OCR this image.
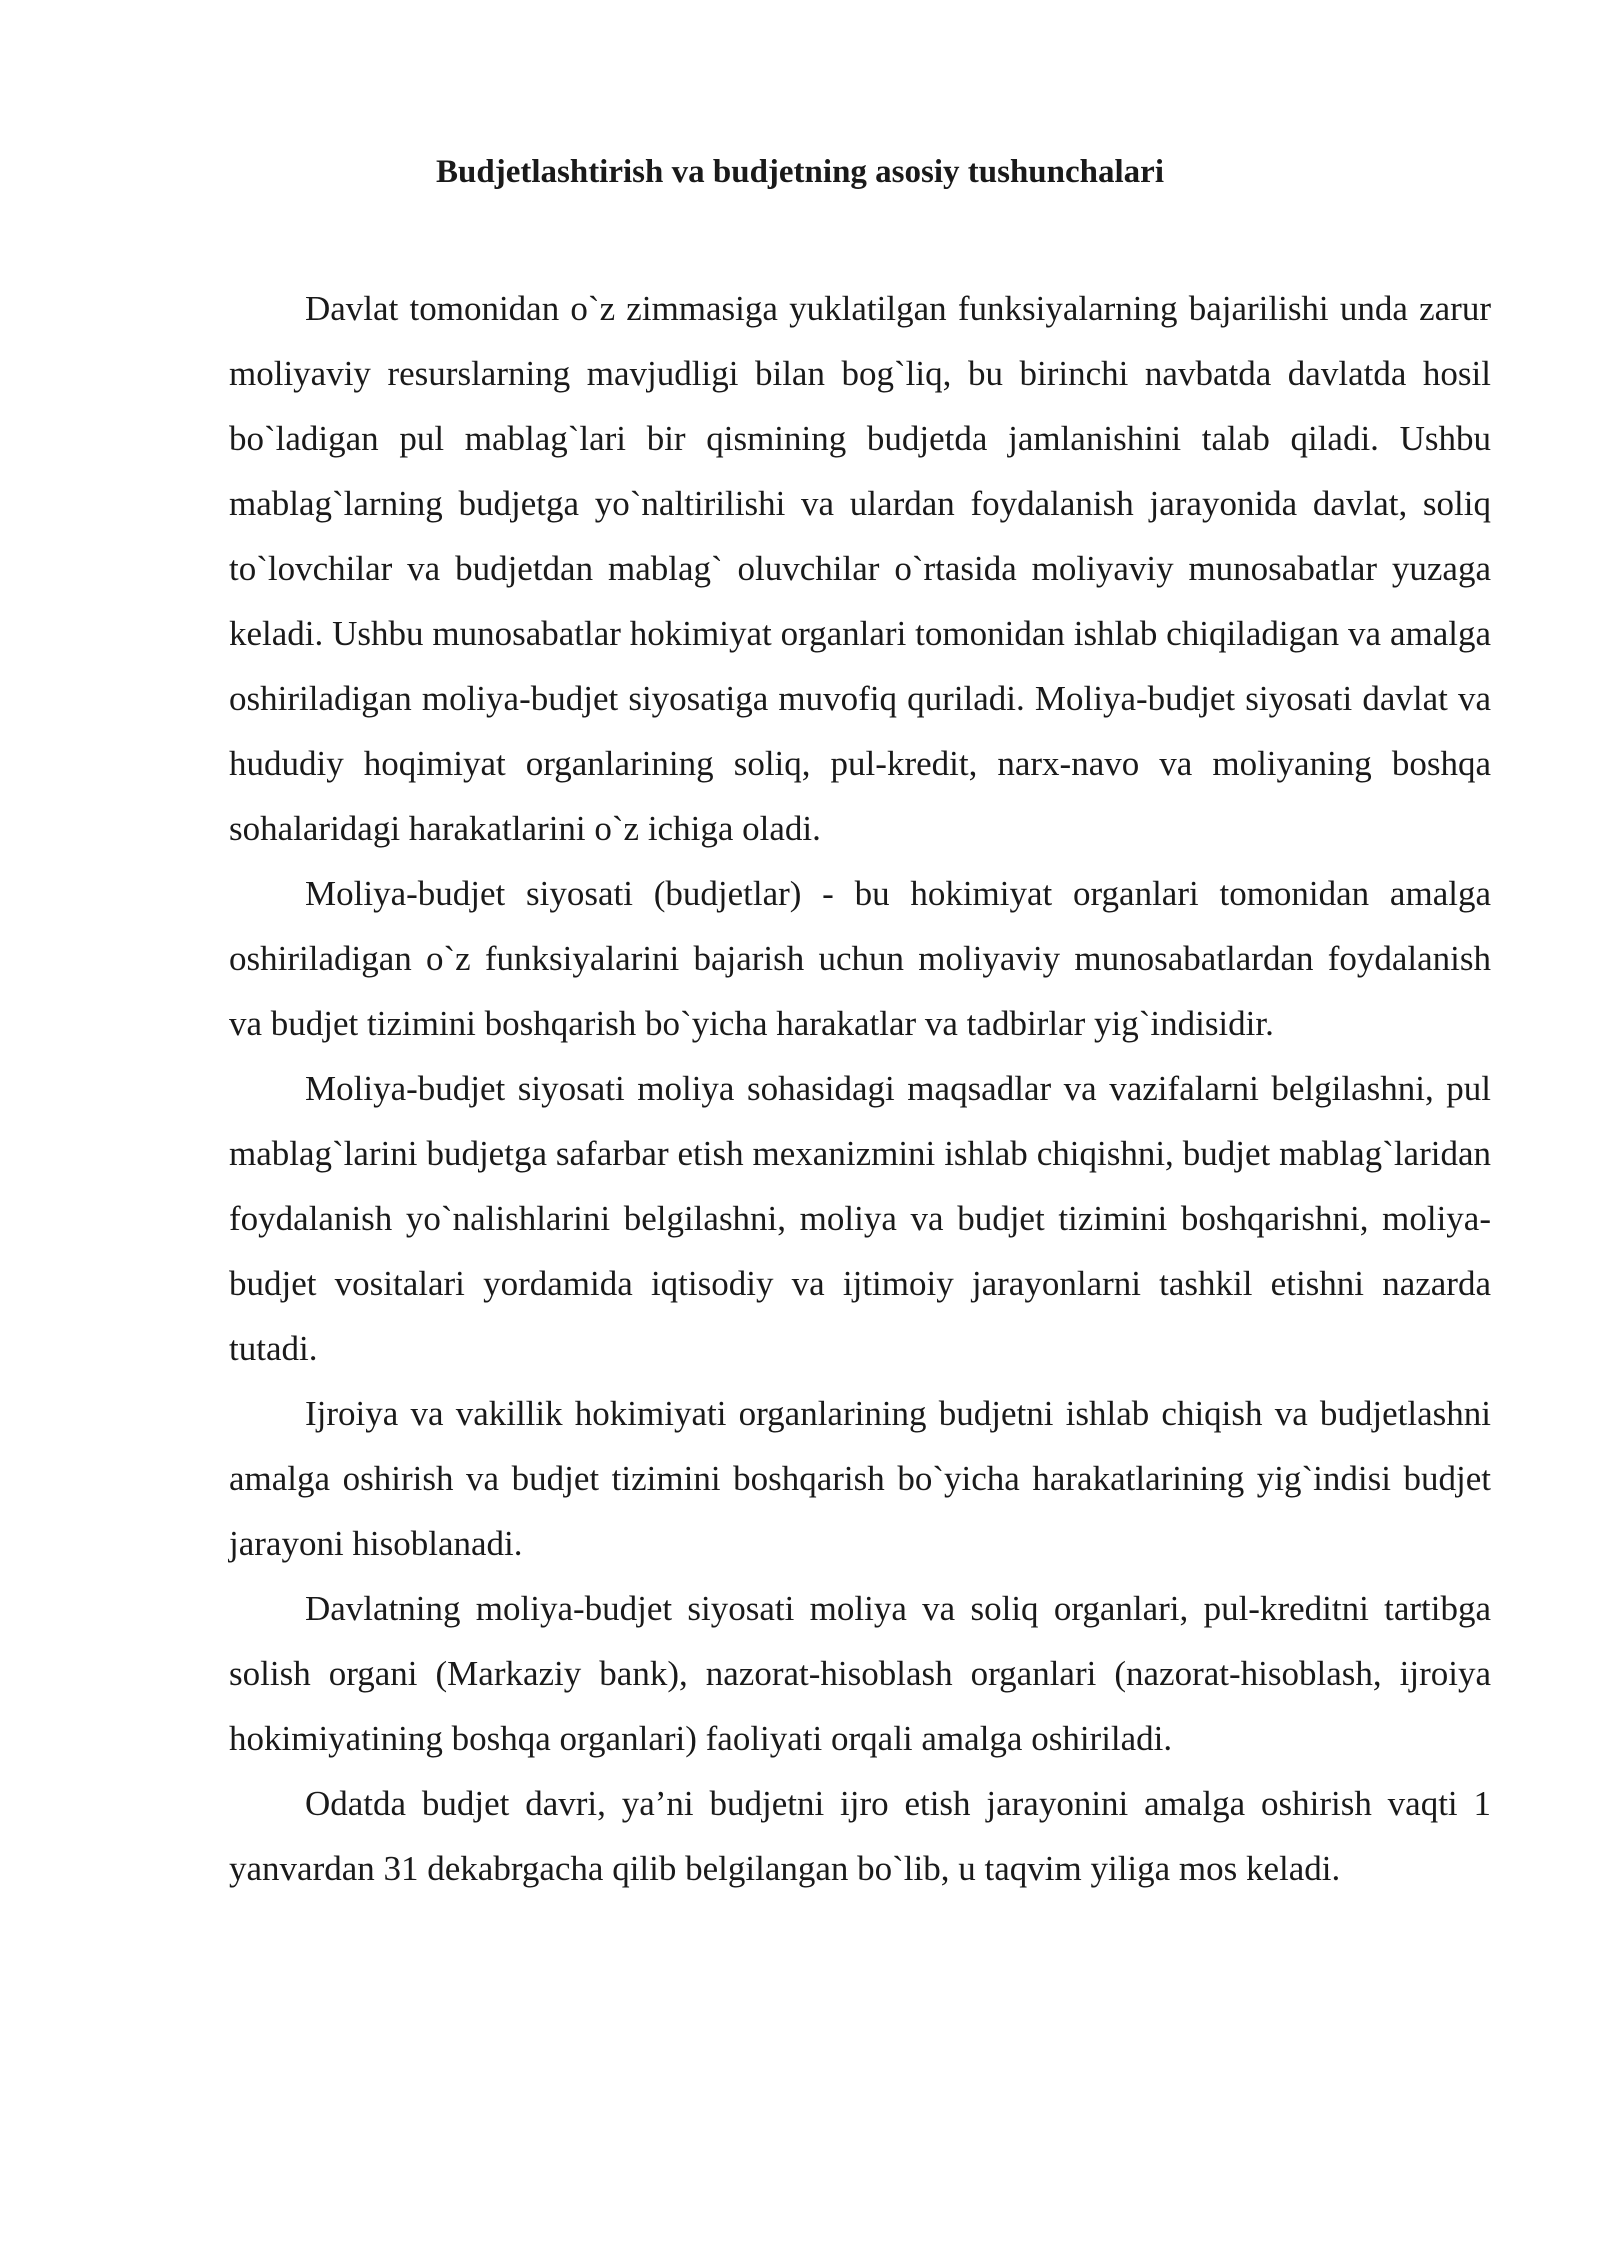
Budjetlashtirish va budjetning asosiy tushunchalari

Davlat tomonidan o`z zimmasiga yuklatilgan funksiyalarning bajarilishi unda zarur moliyaviy resurslarning mavjudligi bilan bog`liq, bu birinchi navbatda davlatda hosil bo`ladigan pul mablag`lari bir qismining budjetda jamlanishini talab qiladi. Ushbu mablag`larning budjetga yo`naltirilishi va ulardan foydalanish jarayonida davlat, soliq to`lovchilar va budjetdan mablag` oluvchilar o`rtasida moliyaviy munosabatlar yuzaga keladi. Ushbu munosabatlar hokimiyat organlari tomonidan ishlab chiqiladigan va amalga oshiriladigan moliya-budjet siyosatiga muvofiq quriladi. Moliya-budjet siyosati davlat va hududiy hoqimiyat organlarining soliq, pul-kredit, narx-navo va moliyaning boshqa sohalaridagi harakatlarini o`z ichiga oladi.

Moliya-budjet siyosati (budjetlar) - bu hokimiyat organlari tomonidan amalga oshiriladigan o`z funksiyalarini bajarish uchun moliyaviy munosabatlardan foydalanish va budjet tizimini boshqarish bo`yicha harakatlar va tadbirlar yig`indisidir.

Moliya-budjet siyosati moliya sohasidagi maqsadlar va vazifalarni belgilashni, pul mablag`larini budjetga safarbar etish mexanizmini ishlab chiqishni, budjet mablag`laridan foydalanish yo`nalishlarini belgilashni, moliya va budjet tizimini boshqarishni, moliya-budjet vositalari yordamida iqtisodiy va ijtimoiy jarayonlarni tashkil etishni nazarda tutadi.

Ijroiya va vakillik hokimiyati organlarining budjetni ishlab chiqish va budjetlashni amalga oshirish va budjet tizimini boshqarish bo`yicha harakatlarining yig`indisi budjet jarayoni hisoblanadi.

Davlatning moliya-budjet siyosati moliya va soliq organlari, pul-kreditni tartibga solish organi (Markaziy bank), nazorat-hisoblash organlari (nazorat-hisoblash, ijroiya hokimiyatining boshqa organlari) faoliyati orqali amalga oshiriladi.

Odatda budjet davri, ya’ni budjetni ijro etish jarayonini amalga oshirish vaqti 1 yanvardan 31 dekabrgacha qilib belgilangan bo`lib, u taqvim yiliga mos keladi.
